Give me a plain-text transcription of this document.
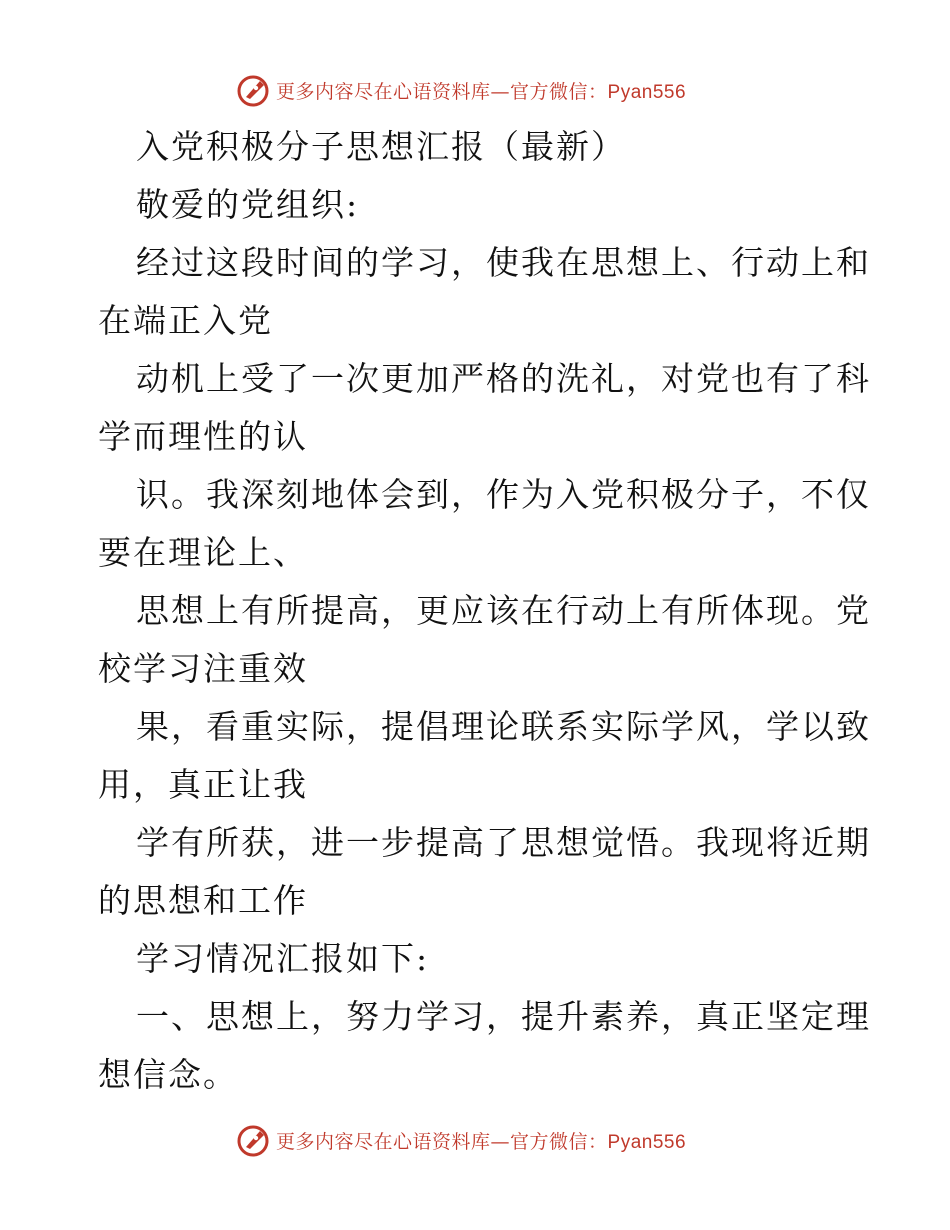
更多内容尽在心语资料库—官方微信：Pyan556
入党积极分子思想汇报（最新）
敬爱的党组织:
经过这段时间的学习，使我在思想上、行动上和
在端正入党
动机上受了一次更加严格的洗礼，对党也有了科
学而理性的认
识。我深刻地体会到，作为入党积极分子，不仅
要在理论上、
思想上有所提高，更应该在行动上有所体现。党
校学习注重效
果，看重实际，提倡理论联系实际学风，学以致
用，真正让我
学有所获，进一步提高了思想觉悟。我现将近期
的思想和工作
学习情况汇报如下:
一、思想上，努力学习，提升素养，真正坚定理
想信念。
更多内容尽在心语资料库—官方微信：Pyan556
